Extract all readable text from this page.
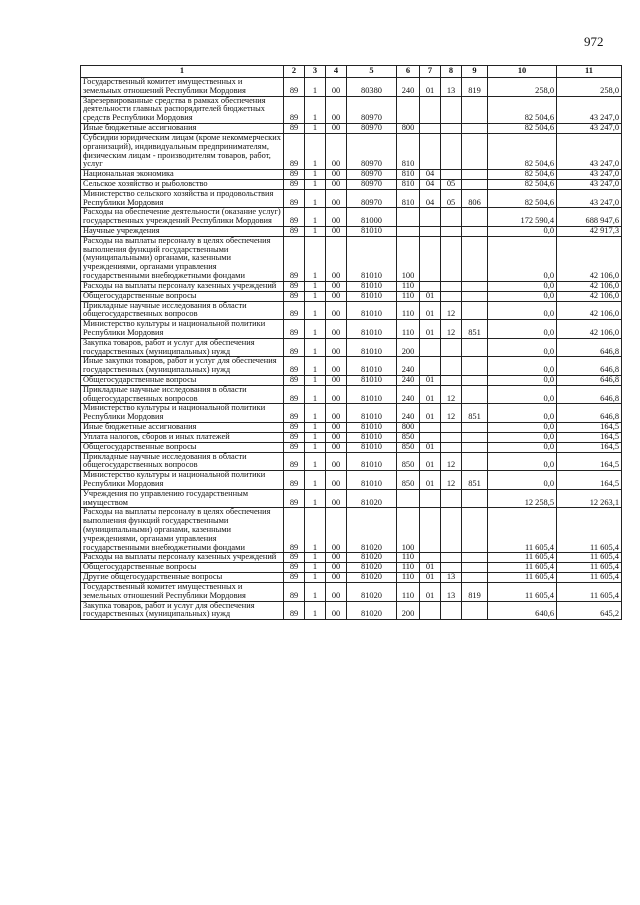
972
1	2	3	4	5	6	7	8	9	10	11
Государственный комитет имущественных и земельных отношений Республики Мордовия	89	1	00	80380	240	01	13	819	258,0	258,0
Зарезервированные средства в рамках обеспечения деятельности главных распорядителей бюджетных средств Республики Мордовия	89	1	00	80970					82 504,6	43 247,0
Иные бюджетные ассигнования	89	1	00	80970	800				82 504,6	43 247,0
Субсидии юридическим лицам (кроме некоммерческих организаций), индивидуальным предпринимателям, физическим лицам - производителям товаров, работ, услуг	89	1	00	80970	810				82 504,6	43 247,0
Национальная экономика	89	1	00	80970	810	04			82 504,6	43 247,0
Сельское хозяйство и рыболовство	89	1	00	80970	810	04	05		82 504,6	43 247,0
Министерство сельского хозяйства и продовольствия Республики Мордовия	89	1	00	80970	810	04	05	806	82 504,6	43 247,0
Расходы на обеспечение деятельности (оказание услуг) государственных учреждений Республики Мордовия	89	1	00	81000					172 590,4	688 947,6
Научные учреждения	89	1	00	81010					0,0	42 917,3
Расходы на выплаты персоналу в целях обеспечения выполнения функций государственными (муниципальными) органами, казенными учреждениями, органами управления государственными внебюджетными фондами	89	1	00	81010	100				0,0	42 106,0
Расходы на выплаты персоналу казенных учреждений	89	1	00	81010	110				0,0	42 106,0
Общегосударственные вопросы	89	1	00	81010	110	01			0,0	42 106,0
Прикладные научные исследования в области общегосударственных вопросов	89	1	00	81010	110	01	12		0,0	42 106,0
Министерство культуры и национальной политики Республики Мордовия	89	1	00	81010	110	01	12	851	0,0	42 106,0
Закупка товаров, работ и услуг для обеспечения государственных (муниципальных) нужд	89	1	00	81010	200				0,0	646,8
Иные закупки товаров, работ и услуг для обеспечения государственных (муниципальных) нужд	89	1	00	81010	240				0,0	646,8
Общегосударственные вопросы	89	1	00	81010	240	01			0,0	646,8
Прикладные научные исследования в области общегосударственных вопросов	89	1	00	81010	240	01	12		0,0	646,8
Министерство культуры и национальной политики Республики Мордовия	89	1	00	81010	240	01	12	851	0,0	646,8
Иные бюджетные ассигнования	89	1	00	81010	800				0,0	164,5
Уплата налогов, сборов и иных платежей	89	1	00	81010	850				0,0	164,5
Общегосударственные вопросы	89	1	00	81010	850	01			0,0	164,5
Прикладные научные исследования в области общегосударственных вопросов	89	1	00	81010	850	01	12		0,0	164,5
Министерство культуры и национальной политики Республики Мордовия	89	1	00	81010	850	01	12	851	0,0	164,5
Учреждения по управлению государственным имуществом	89	1	00	81020					12 258,5	12 263,1
Расходы на выплаты персоналу в целях обеспечения выполнения функций государственными (муниципальными) органами, казенными учреждениями, органами управления государственными внебюджетными фондами	89	1	00	81020	100				11 605,4	11 605,4
Расходы на выплаты персоналу казенных учреждений	89	1	00	81020	110				11 605,4	11 605,4
Общегосударственные вопросы	89	1	00	81020	110	01			11 605,4	11 605,4
Другие общегосударственные вопросы	89	1	00	81020	110	01	13		11 605,4	11 605,4
Государственный комитет имущественных и земельных отношений Республики Мордовия	89	1	00	81020	110	01	13	819	11 605,4	11 605,4
Закупка товаров, работ и услуг для обеспечения государственных (муниципальных) нужд	89	1	00	81020	200				640,6	645,2
